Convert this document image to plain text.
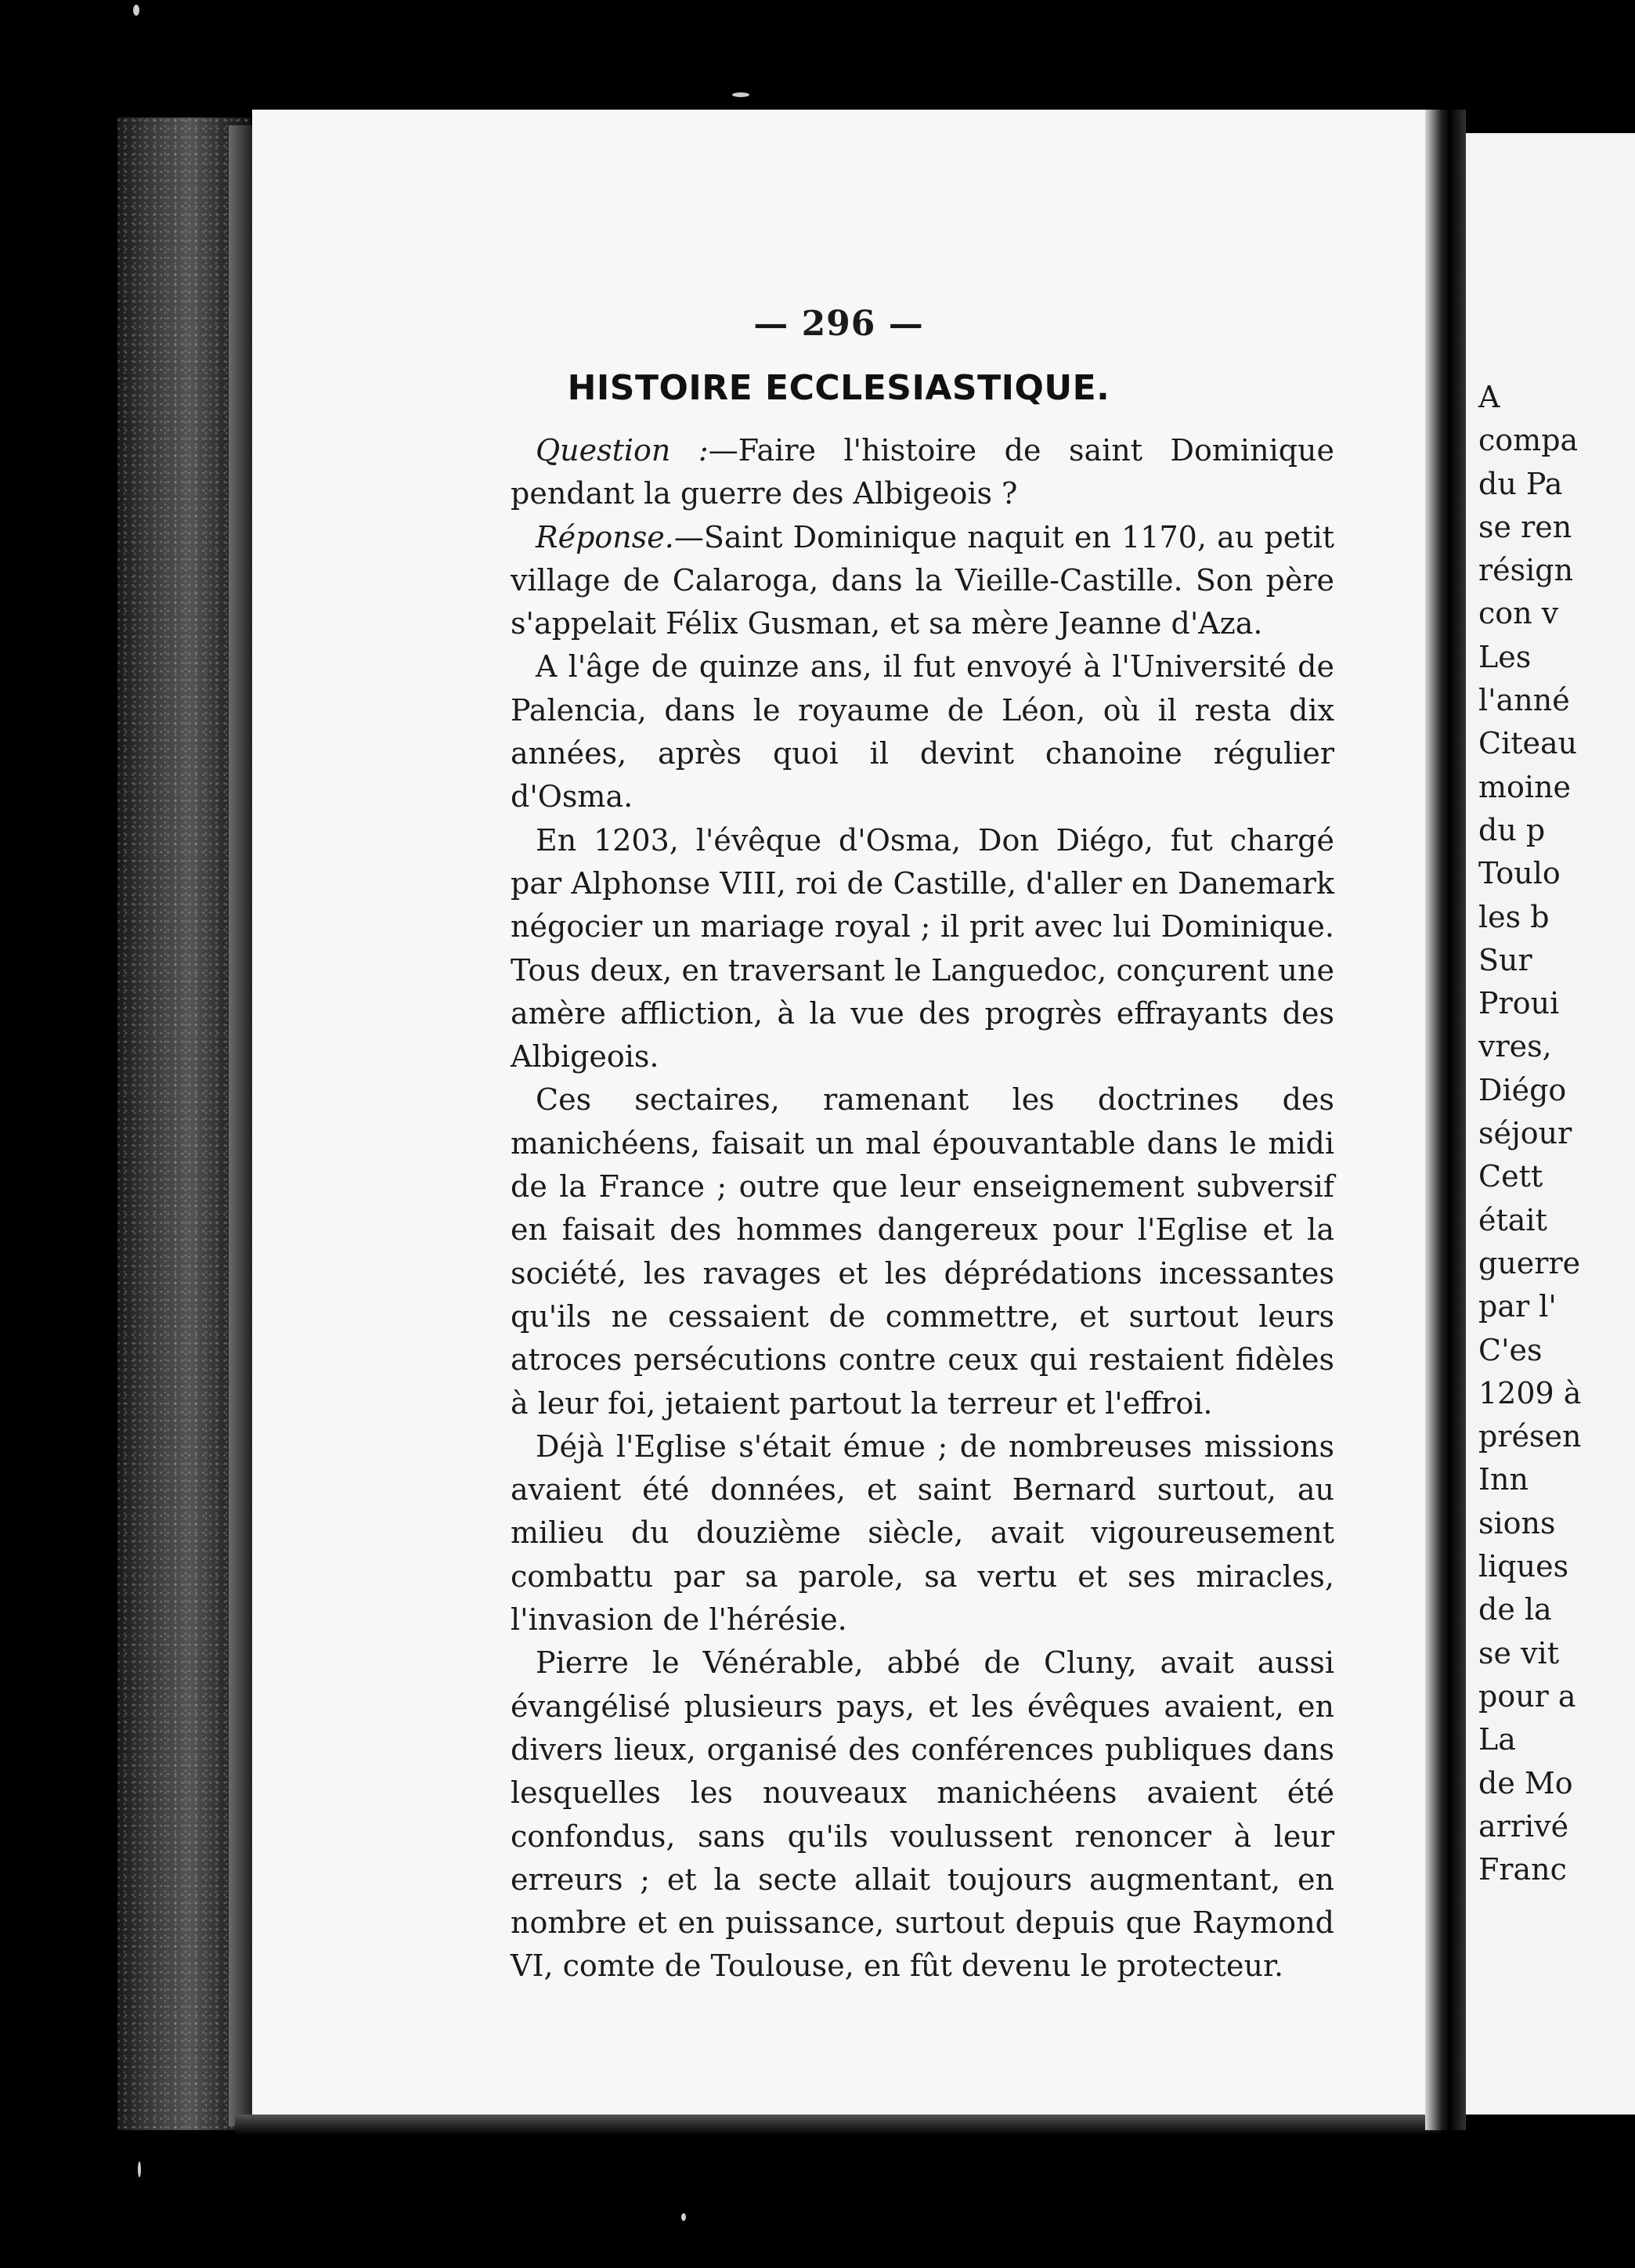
— 296 —
HISTOIRE ECCLESIASTIQUE.

Question :—Faire l'histoire de saint Dominique pendant la guerre des Albigeois ?

Réponse.—Saint Dominique naquit en 1170, au petit village de Calaroga, dans la Vieille-Castille. Son père s'appelait Félix Gusman, et sa mère Jeanne d'Aza.

A l'âge de quinze ans, il fut envoyé à l'Université de Palencia, dans le royaume de Léon, où il resta dix années, après quoi il devint chanoine régulier d'Osma.

En 1203, l'évêque d'Osma, Don Diégo, fut chargé par Alphonse VIII, roi de Castille, d'aller en Danemark négocier un mariage royal ; il prit avec lui Dominique. Tous deux, en traversant le Languedoc, conçurent une amère affliction, à la vue des progrès effrayants des Albigeois.

Ces sectaires, ramenant les doctrines des manichéens, faisait un mal épouvantable dans le midi de la France ; outre que leur enseignement subversif en faisait des hommes dangereux pour l'Eglise et la société, les ravages et les déprédations incessantes qu'ils ne cessaient de commettre, et surtout leurs atroces persécutions contre ceux qui restaient fidèles à leur foi, jetaient partout la terreur et l'effroi.

Déjà l'Eglise s'était émue ; de nombreuses missions avaient été données, et saint Bernard surtout, au milieu du douzième siècle, avait vigoureusement combattu par sa parole, sa vertu et ses miracles, l'invasion de l'hérésie.

Pierre le Vénérable, abbé de Cluny, avait aussi évangélisé plusieurs pays, et les évêques avaient, en divers lieux, organisé des conférences publiques dans lesquelles les nouveaux manichéens avaient été confondus, sans qu'ils voulussent renoncer à leur erreurs ; et la secte allait toujours augmentant, en nombre et en puissance, surtout depuis que Raymond VI, comte de Toulouse, en fût devenu le protecteur.

A
compa
du Pa
se ren
résign
con v
Les
l'anné
Citeau
moine
du p
Toulo
les b
Sur
Proui
vres,
Diégo
séjour
Cett
était
guerre
par l'
C'es
1209 à
présen
Inn
sions
liques
de la
se vit
pour a
La
de Mo
arrivé
Franc
